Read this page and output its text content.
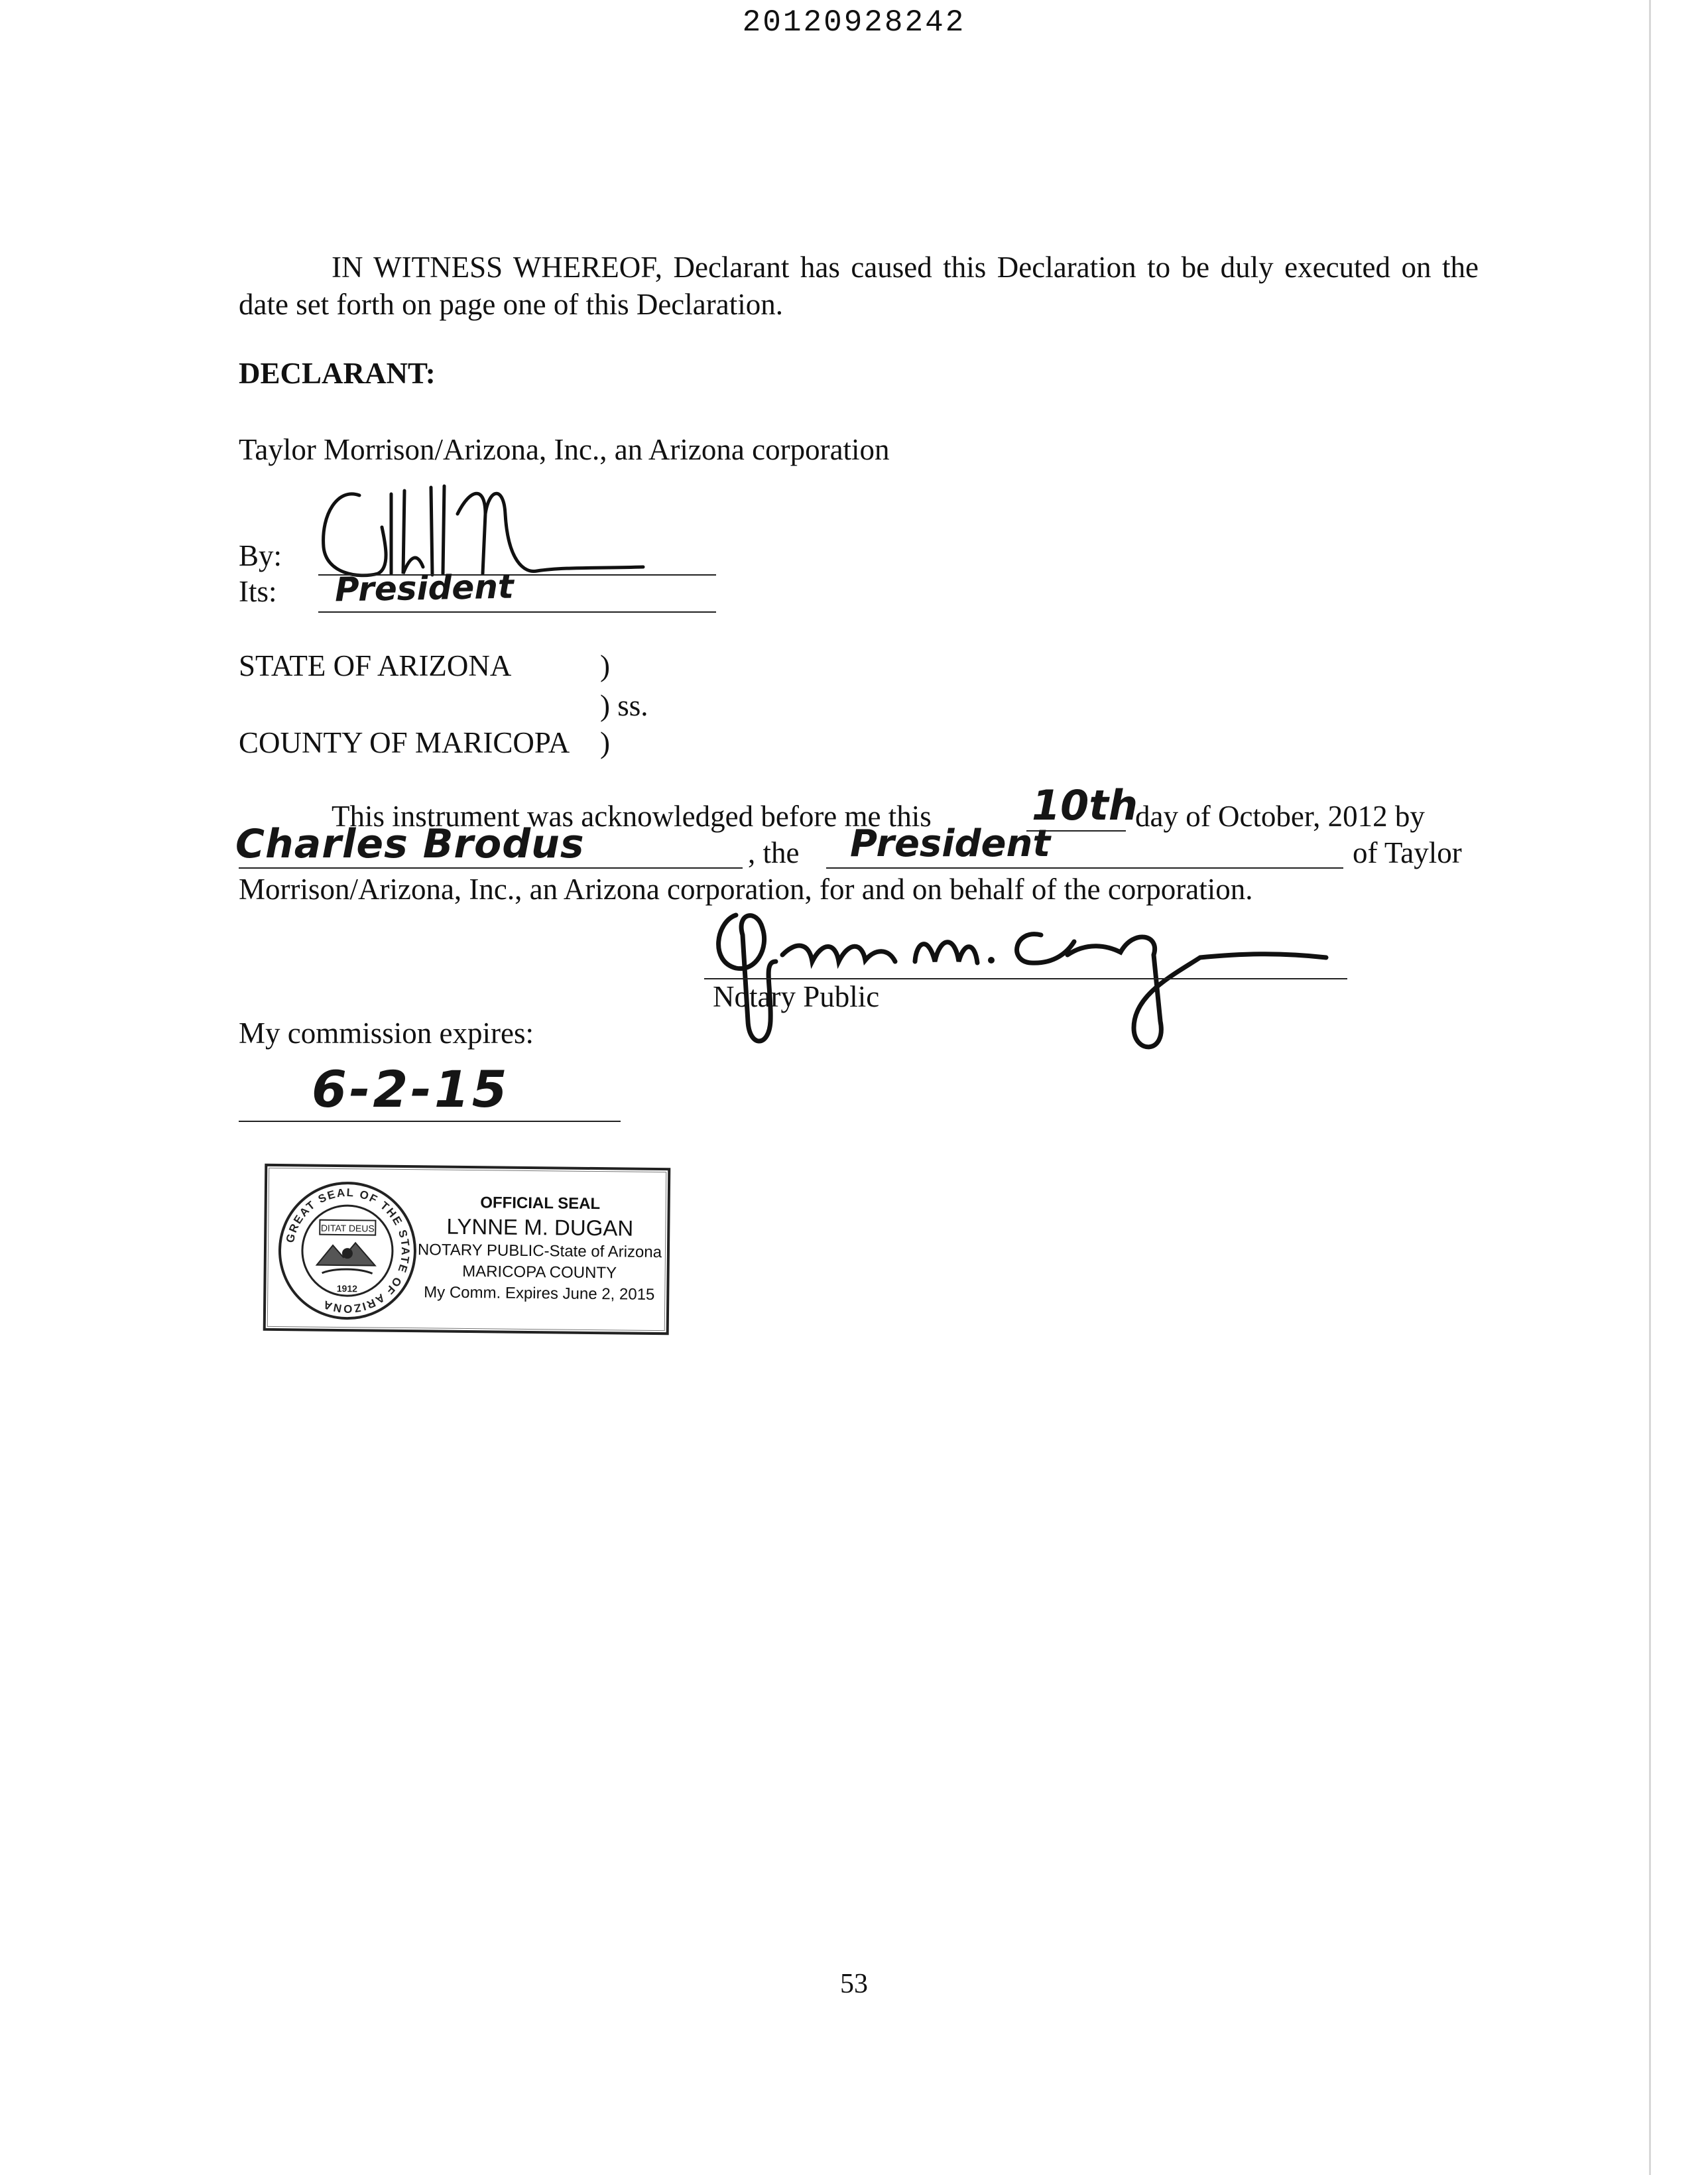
20120928242
IN WITNESS WHEREOF, Declarant has caused this Declaration to be duly executed on the date set forth on page one of this Declaration.
DECLARANT:
Taylor Morrison/Arizona, Inc., an Arizona corporation
By:
Its: President
STATE OF ARIZONA	)
) ss.
COUNTY OF MARICOPA )
This instrument was acknowledged before me this 10th
day of October, 2012 by
Charles Brodus	, the President	of Taylor
Morrison/Arizona, Inc., an Arizona corporation, for and on behalf of the corporation.
Notary Public
My commission expires:
6-2-15
GREAT SEAL OF THE STATE OF ARIZONA
DITAT DEUS
1912
OFFICIAL SEAL
LYNNE M. DUGAN
NOTARY PUBLIC-State of Arizona
MARICOPA COUNTY
My Comm. Expires June 2, 2015
53
